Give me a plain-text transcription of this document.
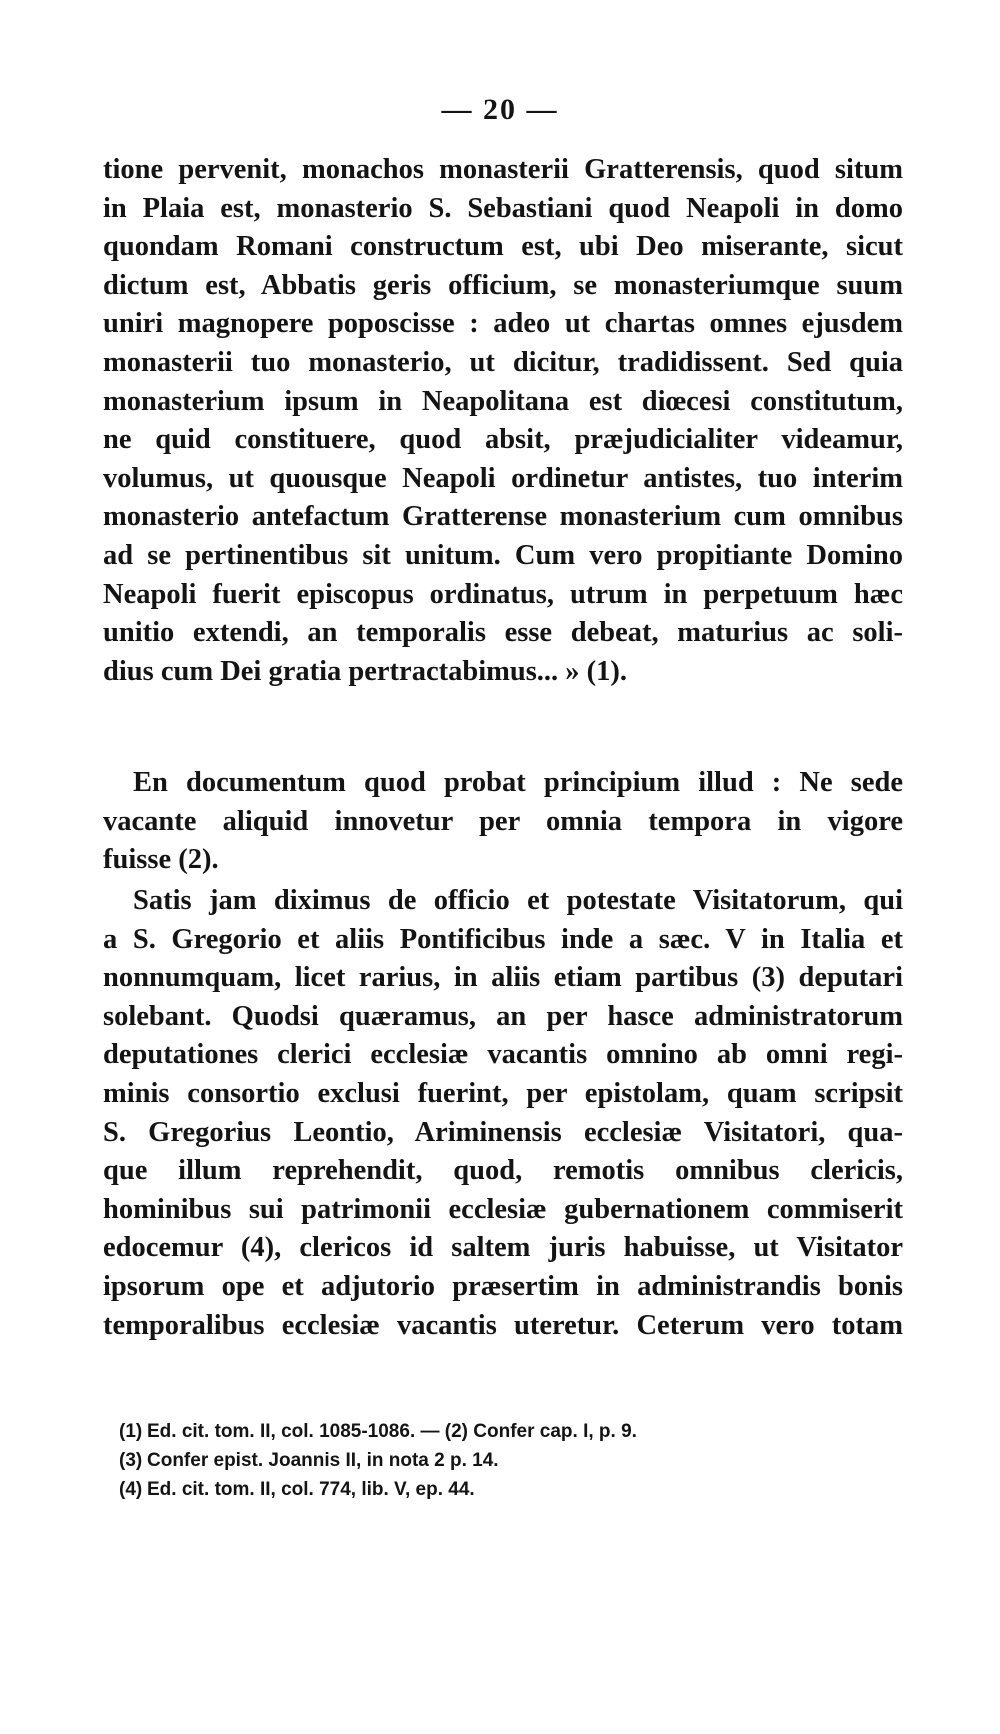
— 20 —
tione pervenit, monachos monasterii Gratterensis, quod situm
in Plaia est, monasterio S. Sebastiani quod Neapoli in domo
quondam Romani constructum est, ubi Deo miserante, sicut
dictum est, Abbatis geris officium, se monasteriumque suum
uniri magnopere poposcisse : adeo ut chartas omnes ejusdem
monasterii tuo monasterio, ut dicitur, tradidissent. Sed quia
monasterium ipsum in Neapolitana est diœcesi constitutum,
ne quid constituere, quod absit, præjudicialiter videamur,
volumus, ut quousque Neapoli ordinetur antistes, tuo interim
monasterio antefactum Gratterense monasterium cum omnibus
ad se pertinentibus sit unitum. Cum vero propitiante Domino
Neapoli fuerit episcopus ordinatus, utrum in perpetuum hæc
unitio extendi, an temporalis esse debeat, maturius ac soli-
dius cum Dei gratia pertractabimus... » (1).
En documentum quod probat principium illud : Ne sede
vacante aliquid innovetur per omnia tempora in vigore
fuisse (2).
Satis jam diximus de officio et potestate Visitatorum, qui
a S. Gregorio et aliis Pontificibus inde a sæc. V in Italia et
nonnumquam, licet rarius, in aliis etiam partibus (3) deputari
solebant. Quodsi quæramus, an per hasce administratorum
deputationes clerici ecclesiæ vacantis omnino ab omni regi-
minis consortio exclusi fuerint, per epistolam, quam scripsit
S. Gregorius Leontio, Ariminensis ecclesiæ Visitatori, qua-
que illum reprehendit, quod, remotis omnibus clericis,
hominibus sui patrimonii ecclesiæ gubernationem commiserit
edocemur (4), clericos id saltem juris habuisse, ut Visitator
ipsorum ope et adjutorio præsertim in administrandis bonis
temporalibus ecclesiæ vacantis uteretur. Ceterum vero totam
(1) Ed. cit. tom. II, col. 1085-1086. — (2) Confer cap. I, p. 9.
(3) Confer epist. Joannis II, in nota 2 p. 14.
(4) Ed. cit. tom. II, col. 774, lib. V, ep. 44.
